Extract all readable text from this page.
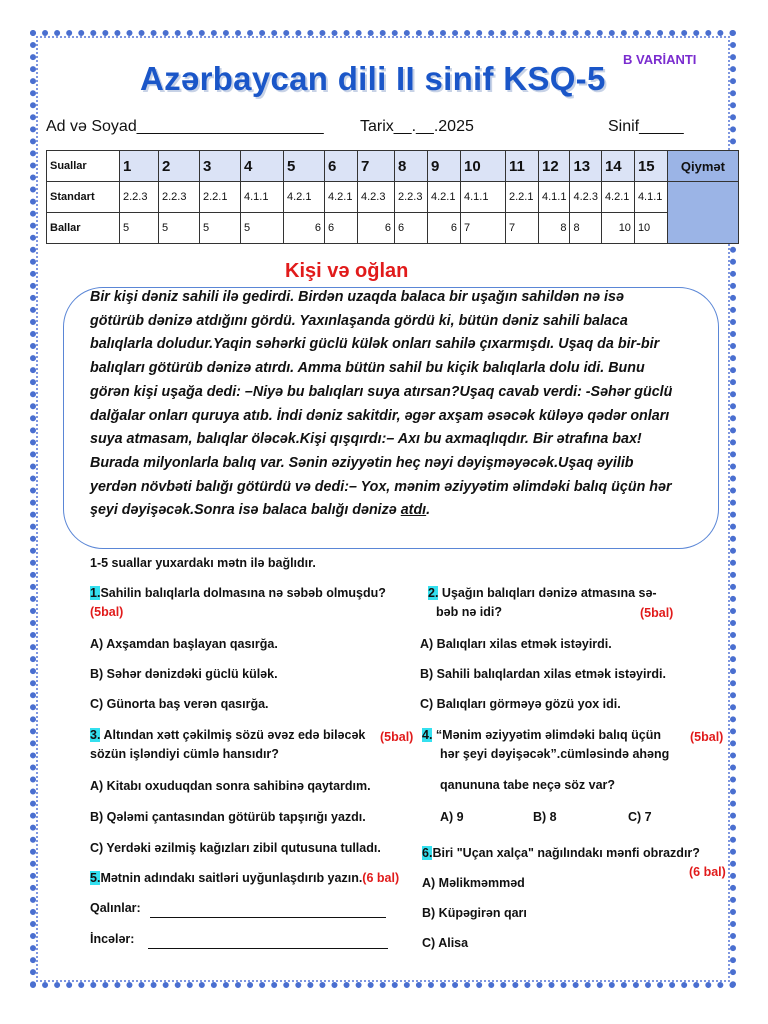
B VARİANTI
Azərbaycan dili II sinif KSQ-5
Ad və Soyad_____________________ Tarix__.__.2025	Sinif_____
Suallar	1	2	3	4	5	6	7	8	9	10	11	12	13	14	15	Qiymət
Standart	2.2.3	2.2.3	2.2.1	4.1.1	4.2.1	4.2.1	4.2.3	2.2.3	4.2.1	4.1.1	2.2.1	4.1.1	4.2.3	4.2.1	4.1.1	
Ballar	5	5	5	5	6	6	6	6	6	7	7	8	8	10	10	
Kişi və oğlan
Bir kişi dəniz sahili ilə gedirdi. Birdən uzaqda balaca bir uşağın sahildən nə isə götürüb dənizə atdığını gördü. Yaxınlaşanda gördü ki, bütün dəniz sahili balaca balıqlarla doludur.Yaqin səhərki güclü külək onları sahilə çıxarmışdı. Uşaq da bir-bir balıqları götürüb dənizə atırdı. Amma bütün sahil bu kiçik balıqlarla dolu idi. Bunu görən kişi uşağa dedi: –Niyə bu balıqları suya atırsan?Uşaq cavab verdi: -Səhər güclü dalğalar onları quruya atıb. İndi dəniz sakitdir, əgər axşam əsəcək küləyə qədər onları suya atmasam, balıqlar öləcək.Kişi qışqırdı:– Axı bu axmaqlıqdır. Bir ətrafına bax! Burada milyonlarla balıq var. Sənin əziyyətin heç nəyi dəyişməyəcək.Uşaq əyilib yerdən növbəti balığı götürdü və dedi:– Yox, mənim əziyyətim əlimdəki balıq üçün hər şeyi dəyişəcək.Sonra isə balaca balığı dənizə atdı.
1-5 suallar yuxardakı mətn ilə bağlıdır.
1.Sahilin balıqlarla dolmasına nə səbəb olmuşdu?
(5bal)
A) Axşamdan başlayan qasırğa.
B) Səhər dənizdəki güclü külək.
C) Günorta baş verən qasırğa.
2. Uşağın balıqları dənizə atmasına sə-
bəb nə idi?	(5bal)
A) Balıqları xilas etmək istəyirdi.
B) Sahili balıqlardan xilas etmək istəyirdi.
C) Balıqları görməyə gözü yox idi.
3. Altından xətt çəkilmiş sözü əvəz edə biləcək
sözün işləndiyi cümlə hansıdır?
(5bal)
A) Kitabı oxuduqdan sonra sahibinə qaytardım.
B) Qələmi çantasından götürüb tapşırığı yazdı.
C) Yerdəki əzilmiş kağızları zibil qutusuna tulladı.
4. “Mənim əziyyətim əlimdəki balıq üçün
hər şeyi dəyişəcək”.cümləsində ahəng
qanununa tabe neçə söz var?
(5bal)
A) 9	B) 8	C) 7
5.Mətnin adındakı saitləri uyğunlaşdırıb yazın.(6 bal)
Qalınlar:
İncələr:
6.Biri "Uçan xalça" nağılındakı mənfi obrazdır?
(6 bal)
A) Məlikməmməd
B) Küpəgirən qarı
C) Alisa
